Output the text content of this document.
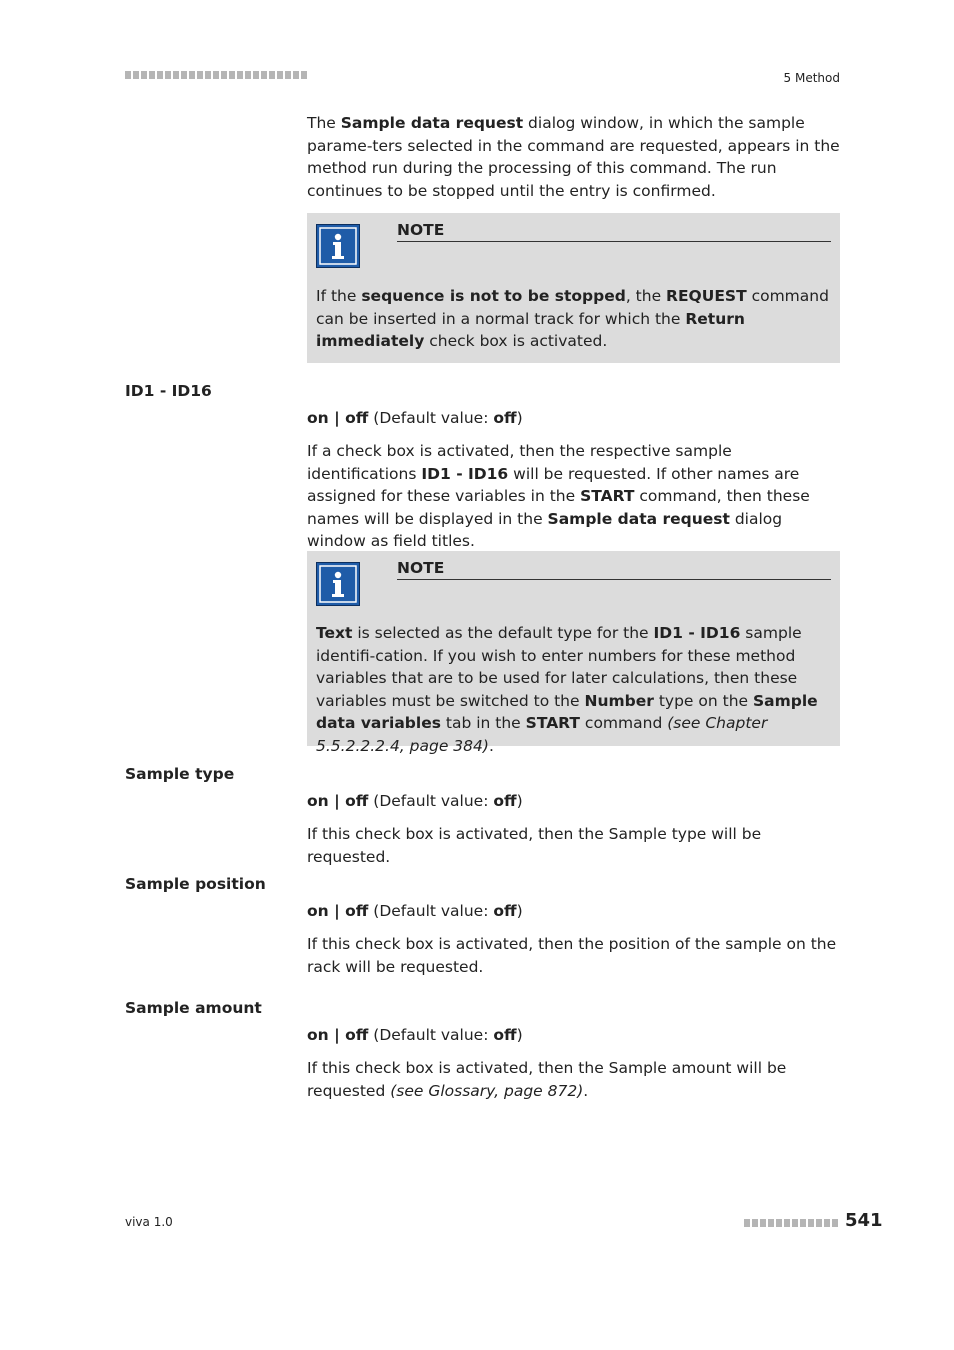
5 Method

The Sample data request dialog window, in which the sample parame-ters selected in the command are requested, appears in the method run during the processing of this command. The run continues to be stopped until the entry is confirmed.

NOTE

If the sequence is not to be stopped, the REQUEST command can be inserted in a normal track for which the Return immediately check box is activated.

ID1 - ID16
on | off (Default value: off)

If a check box is activated, then the respective sample identifications ID1 - ID16 will be requested. If other names are assigned for these variables in the START command, then these names will be displayed in the Sample data request dialog window as field titles.

NOTE

Text is selected as the default type for the ID1 - ID16 sample identifi-cation. If you wish to enter numbers for these method variables that are to be used for later calculations, then these variables must be switched to the Number type on the Sample data variables tab in the START command (see Chapter 5.5.2.2.2.4, page 384).

Sample type
on | off (Default value: off)

If this check box is activated, then the Sample type will be requested.

Sample position
on | off (Default value: off)

If this check box is activated, then the position of the sample on the rack will be requested.

Sample amount
on | off (Default value: off)

If this check box is activated, then the Sample amount will be requested (see Glossary, page 872).

viva 1.0	541
